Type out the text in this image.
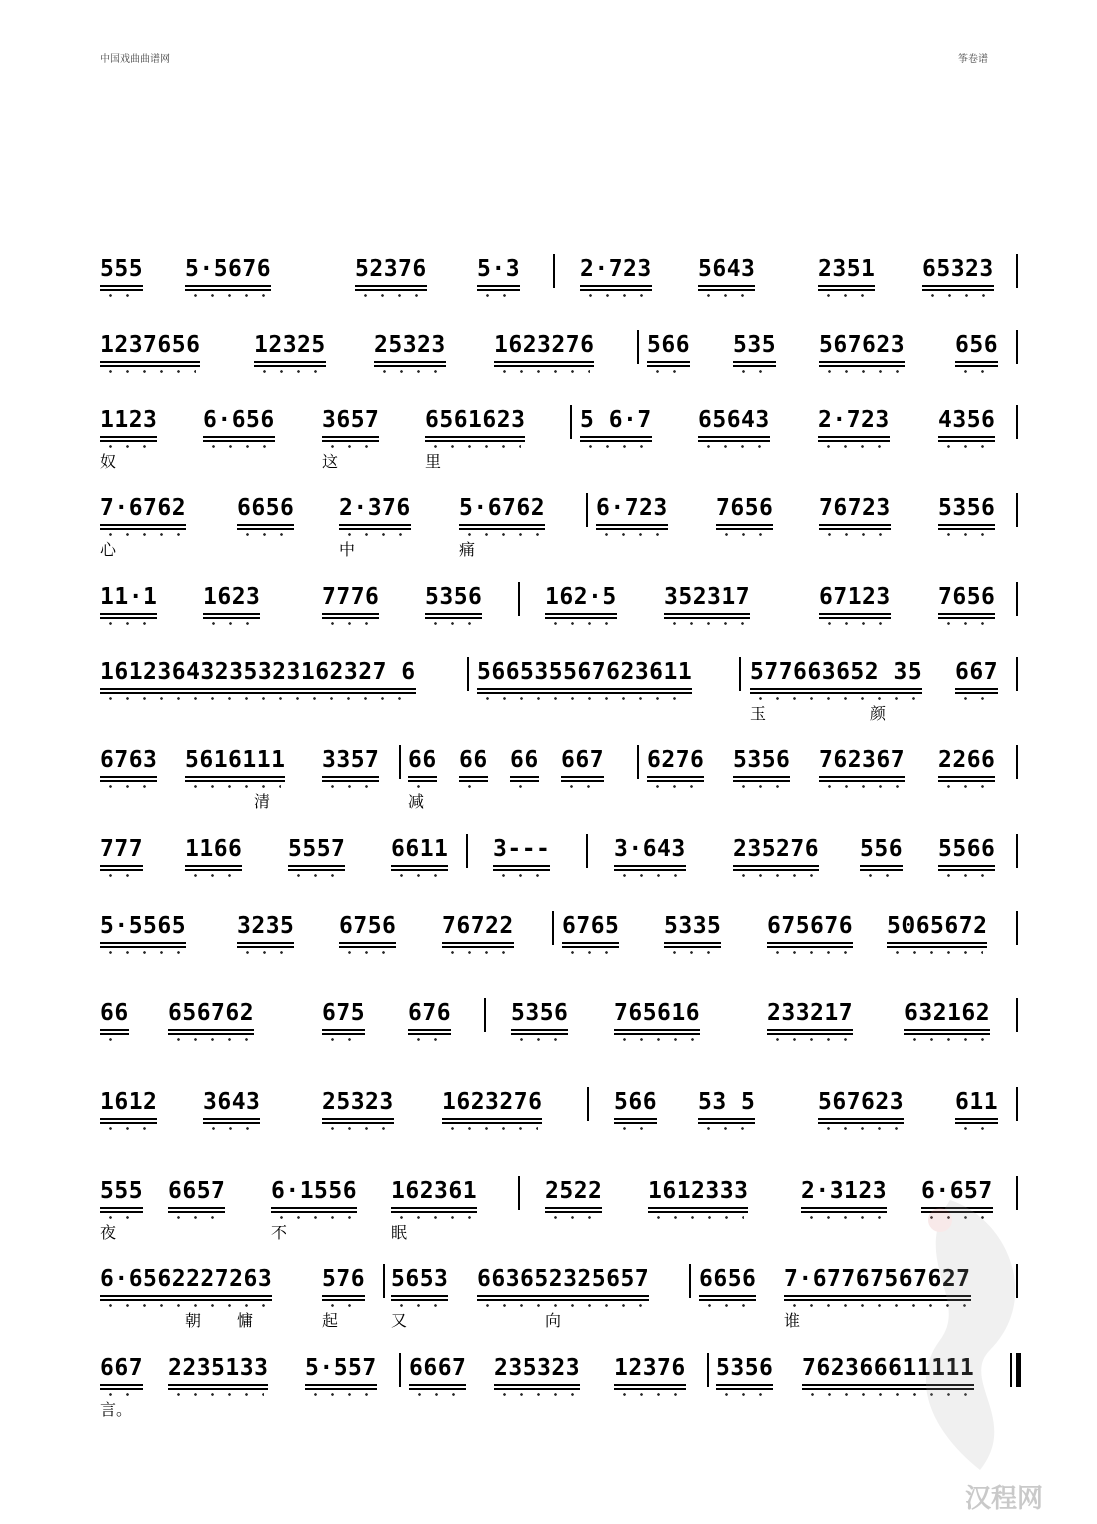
中国戏曲曲谱网	筝卷谱
555 5·5676	52376 5·3	2·723 5643	2351 65323
1237656 12325 25323 1623276 566 535 567623 656
1123 6·656 3657 6561623 5 6·7 65643 2·723 4356
奴	这	里
7·6762 6656 2·376 5·6762 6·723 7656 76723 5356
心	中	痛
11·1 1623	7776 5356	162·5 352317	67123 7656
16123643235323162327 6	566535567623611	577663652 35 667
玉	颜
6763 5616111 3357 66 66 66 667 6276 5356 762367 2266
清	减
777 1166 5557 6611 3---	3·643 235276 556 5566
5·5565 3235 6756 76722 6765 5335 675676 5065672
66 656762	675 676	5356 765616	233217 632162
1612 3643	25323 1623276	566 53 5	567623 611
555 6657 6·1556 162361	2522 1612333 2·3123 6·657
夜	不	眠
6·6562227263 576 5653 663652325657 6656 7·67767567627
朝 慵	起	又	向	谁
667 2235133 5·557 6667 235323 12376 5356 762366611111
言。
汉程网
